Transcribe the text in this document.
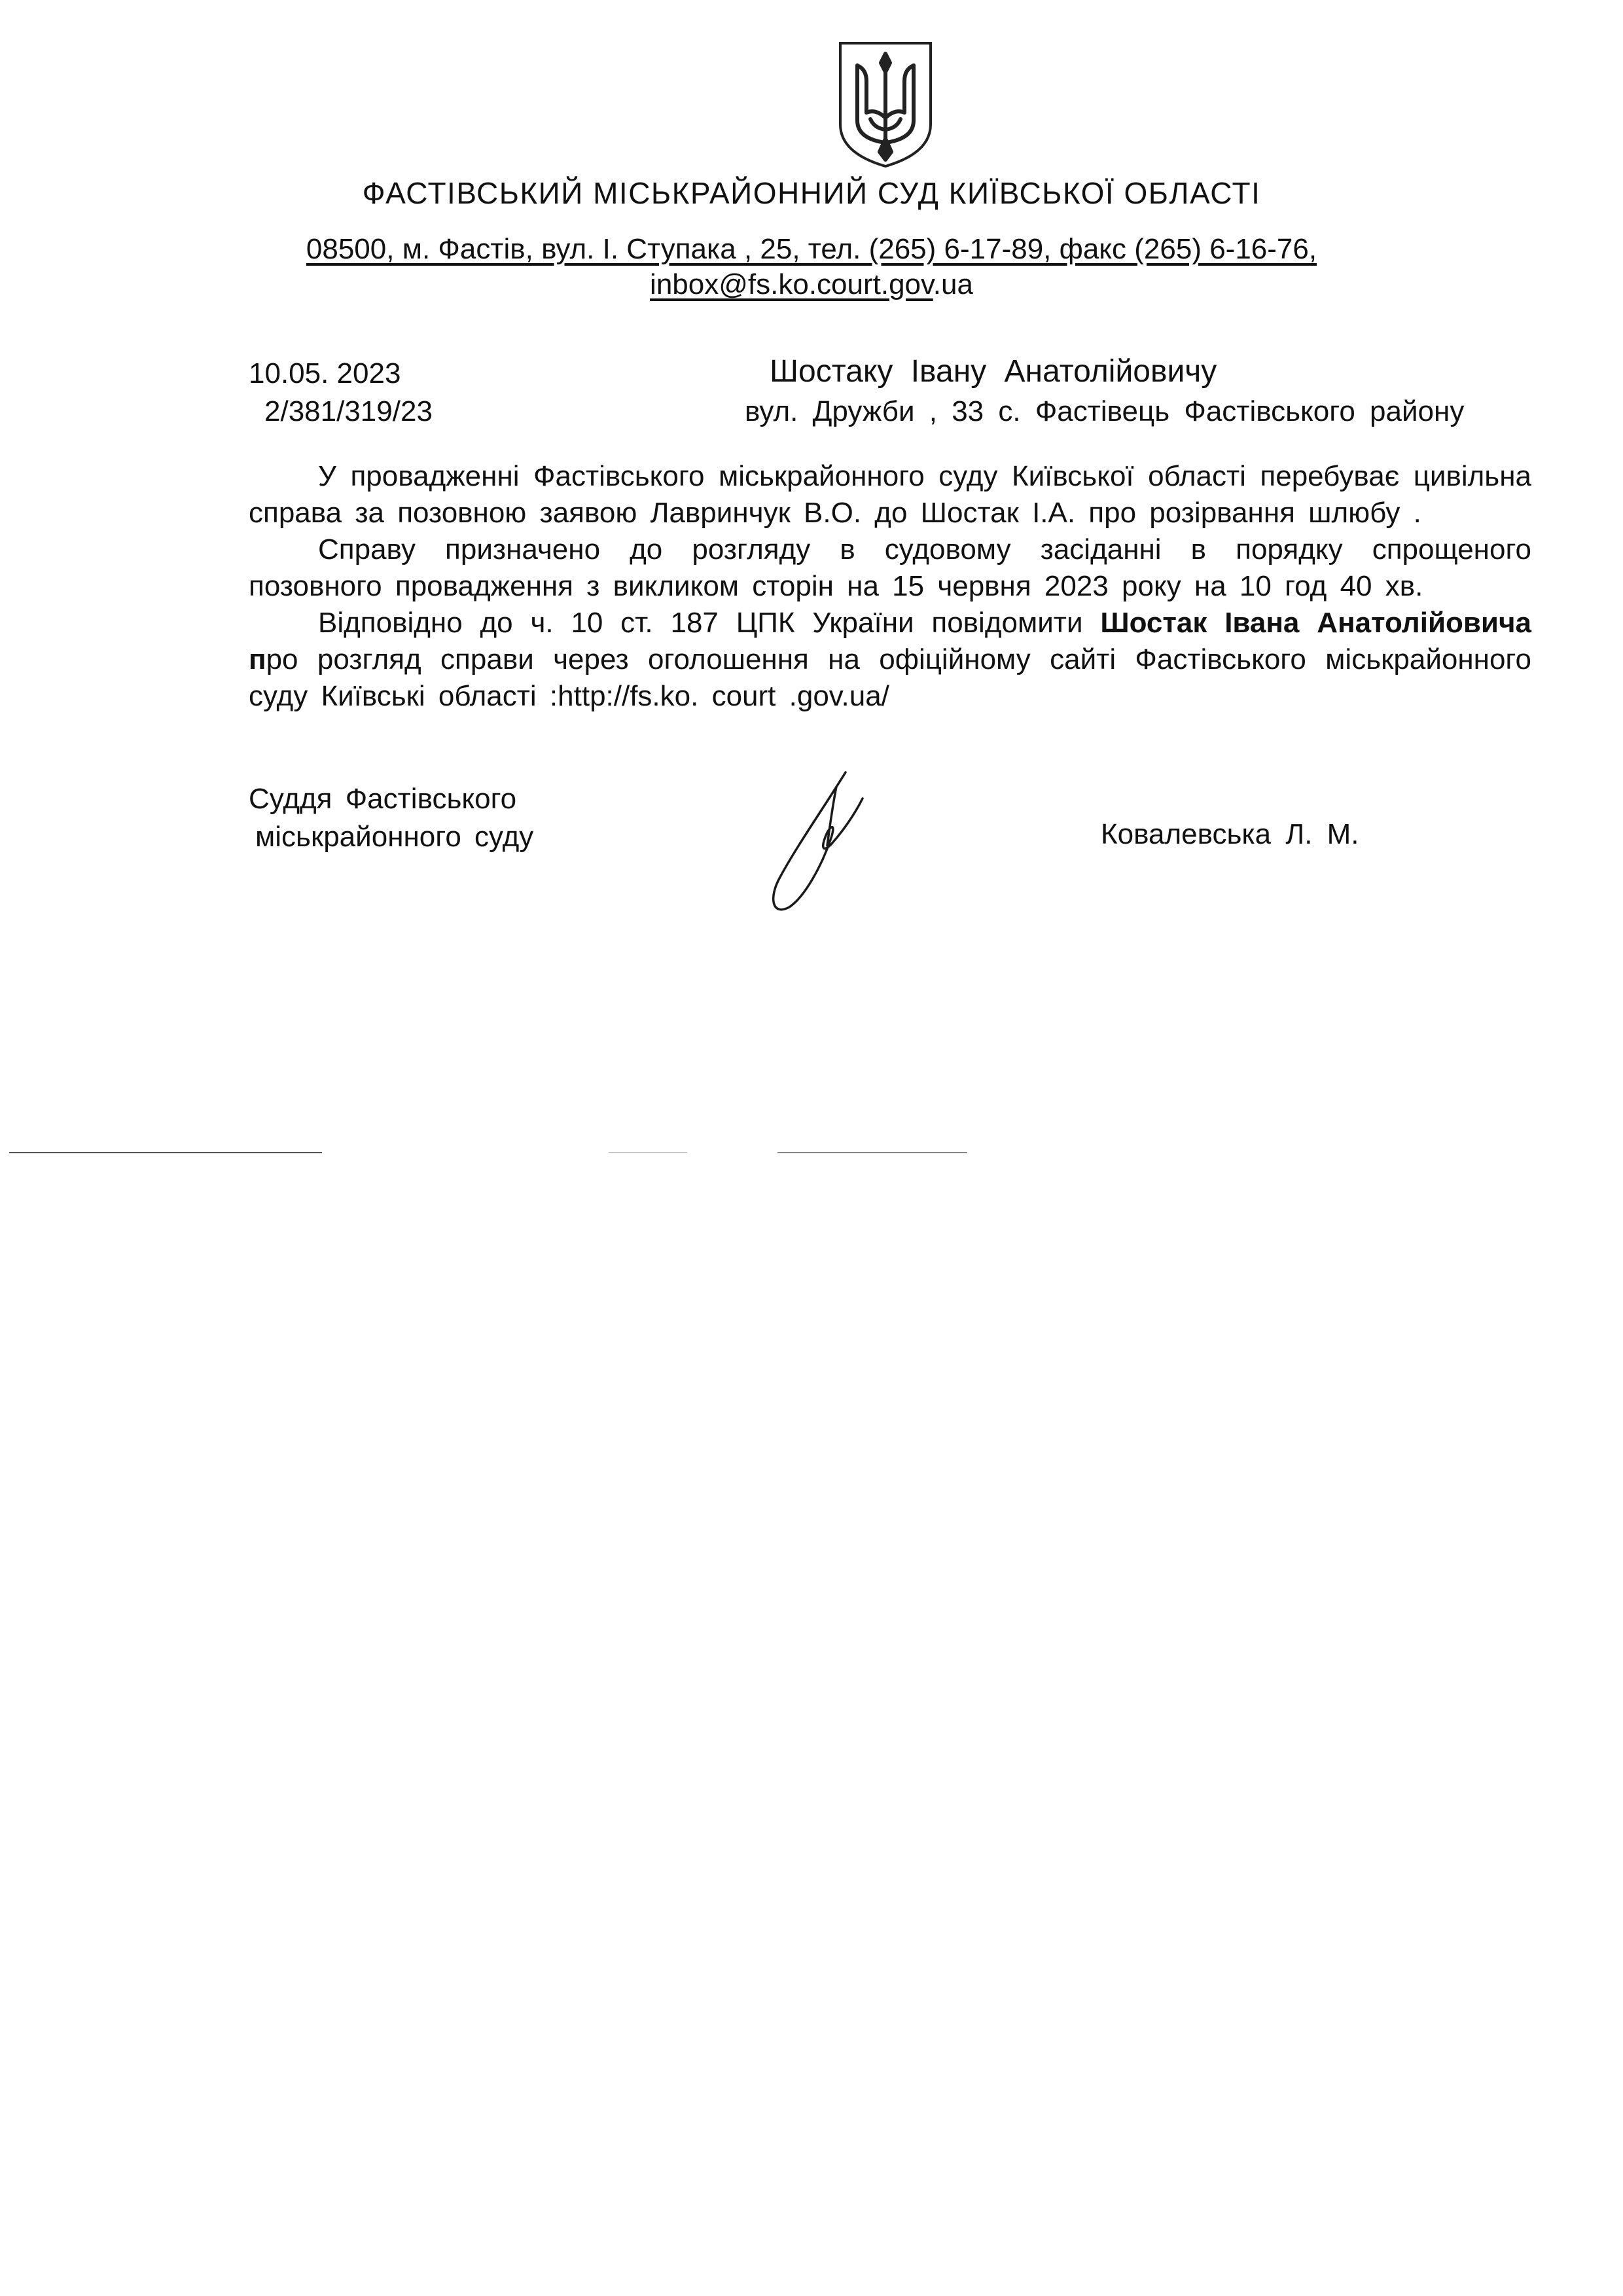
ФАСТІВСЬКИЙ МІСЬКРАЙОННИЙ СУД КИЇВСЬКОЇ ОБЛАСТІ
08500, м. Фастів, вул. І. Ступака , 25, тел. (265) 6-17-89, факс (265) 6-16-76,
inbox@fs.ko.court.gov.ua
10.05. 2023
2/381/319/23
Шостаку Івану Анатолійовичу
вул. Дружби , 33 с. Фастівець Фастівського району

У провадженні Фастівського міськрайонного суду Київської області перебуває цивільна справа за позовною заявою Лавринчук В.О. до Шостак І.А. про розірвання шлюбу .

Справу призначено до розгляду в судовому засіданні в порядку спрощеного позовного провадження з викликом сторін на 15 червня 2023 року на 10 год 40 хв.

Відповідно до ч. 10 ст. 187 ЦПК України повідомити Шостак Івана Анатолійовича про розгляд справи через оголошення на офіційному сайті Фастівського міськрайонного суду Київські області :http://fs.ko. court .gov.ua/

Суддя Фастівського
міськрайонного суду	Ковалевська Л. М.
